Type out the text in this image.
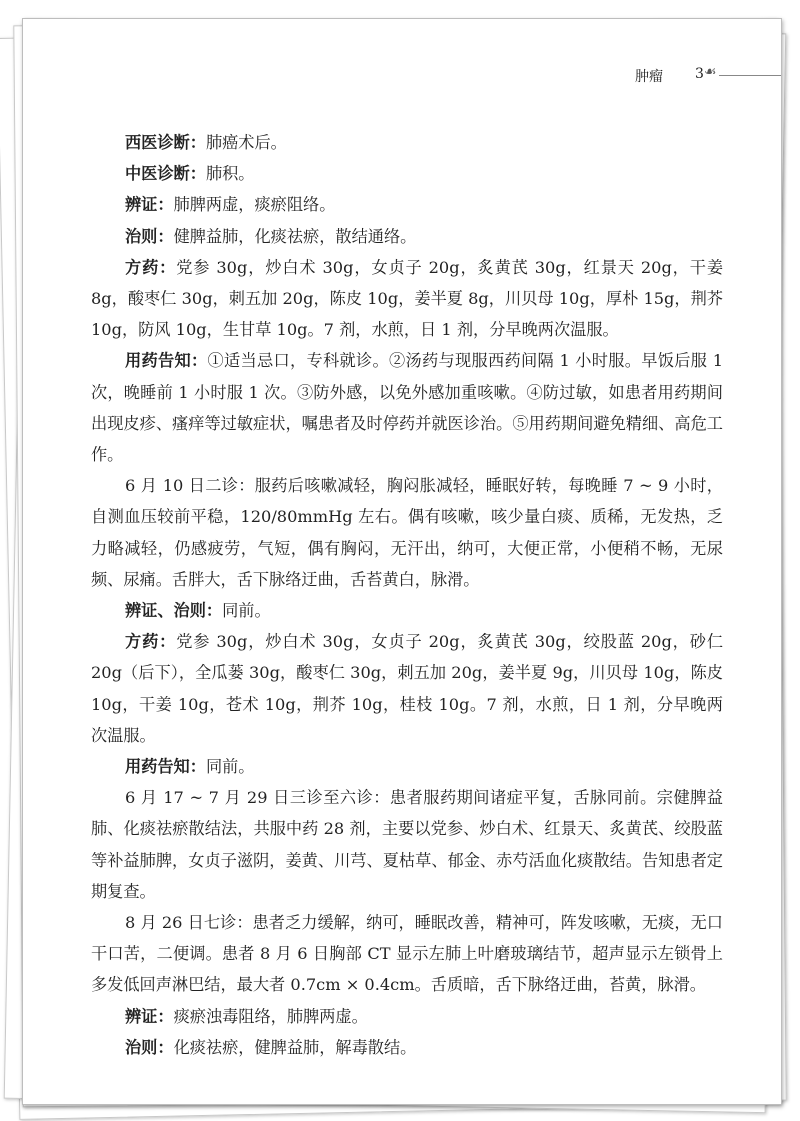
肿瘤 3 ☙

西医诊断：肺癌术后。

中医诊断：肺积。

辨证：肺脾两虚，痰瘀阻络。

治则：健脾益肺，化痰祛瘀，散结通络。

方药：党参 30g，炒白术 30g，女贞子 20g，炙黄芪 30g，红景天 20g，干姜 8g，酸枣仁 30g，刺五加 20g，陈皮 10g，姜半夏 8g，川贝母 10g，厚朴 15g，荆芥 10g，防风 10g，生甘草 10g。7 剂，水煎，日 1 剂，分早晚两次温服。

用药告知：①适当忌口，专科就诊。②汤药与现服西药间隔 1 小时服。早饭后服 1 次，晚睡前 1 小时服 1 次。③防外感，以免外感加重咳嗽。④防过敏，如患者用药期间出现皮疹、瘙痒等过敏症状，嘱患者及时停药并就医诊治。⑤用药期间避免精细、高危工作。

6 月 10 日二诊：服药后咳嗽减轻，胸闷胀减轻，睡眠好转，每晚睡 7 ~ 9 小时，自测血压较前平稳，120/80mmHg 左右。偶有咳嗽，咳少量白痰、质稀，无发热，乏力略减轻，仍感疲劳，气短，偶有胸闷，无汗出，纳可，大便正常，小便稍不畅，无尿频、尿痛。舌胖大，舌下脉络迂曲，舌苔黄白，脉滑。

辨证、治则：同前。

方药：党参 30g，炒白术 30g，女贞子 20g，炙黄芪 30g，绞股蓝 20g，砂仁 20g（后下），全瓜蒌 30g，酸枣仁 30g，刺五加 20g，姜半夏 9g，川贝母 10g，陈皮 10g，干姜 10g，苍术 10g，荆芥 10g，桂枝 10g。7 剂，水煎，日 1 剂，分早晚两次温服。

用药告知：同前。

6 月 17 ~ 7 月 29 日三诊至六诊：患者服药期间诸症平复，舌脉同前。宗健脾益肺、化痰祛瘀散结法，共服中药 28 剂，主要以党参、炒白术、红景天、炙黄芪、绞股蓝等补益肺脾，女贞子滋阴，姜黄、川芎、夏枯草、郁金、赤芍活血化痰散结。告知患者定期复查。

8 月 26 日七诊：患者乏力缓解，纳可，睡眠改善，精神可，阵发咳嗽，无痰，无口干口苦，二便调。患者 8 月 6 日胸部 CT 显示左肺上叶磨玻璃结节，超声显示左锁骨上多发低回声淋巴结，最大者 0.7cm × 0.4cm。舌质暗，舌下脉络迂曲，苔黄，脉滑。

辨证：痰瘀浊毒阻络，肺脾两虚。

治则：化痰祛瘀，健脾益肺，解毒散结。
